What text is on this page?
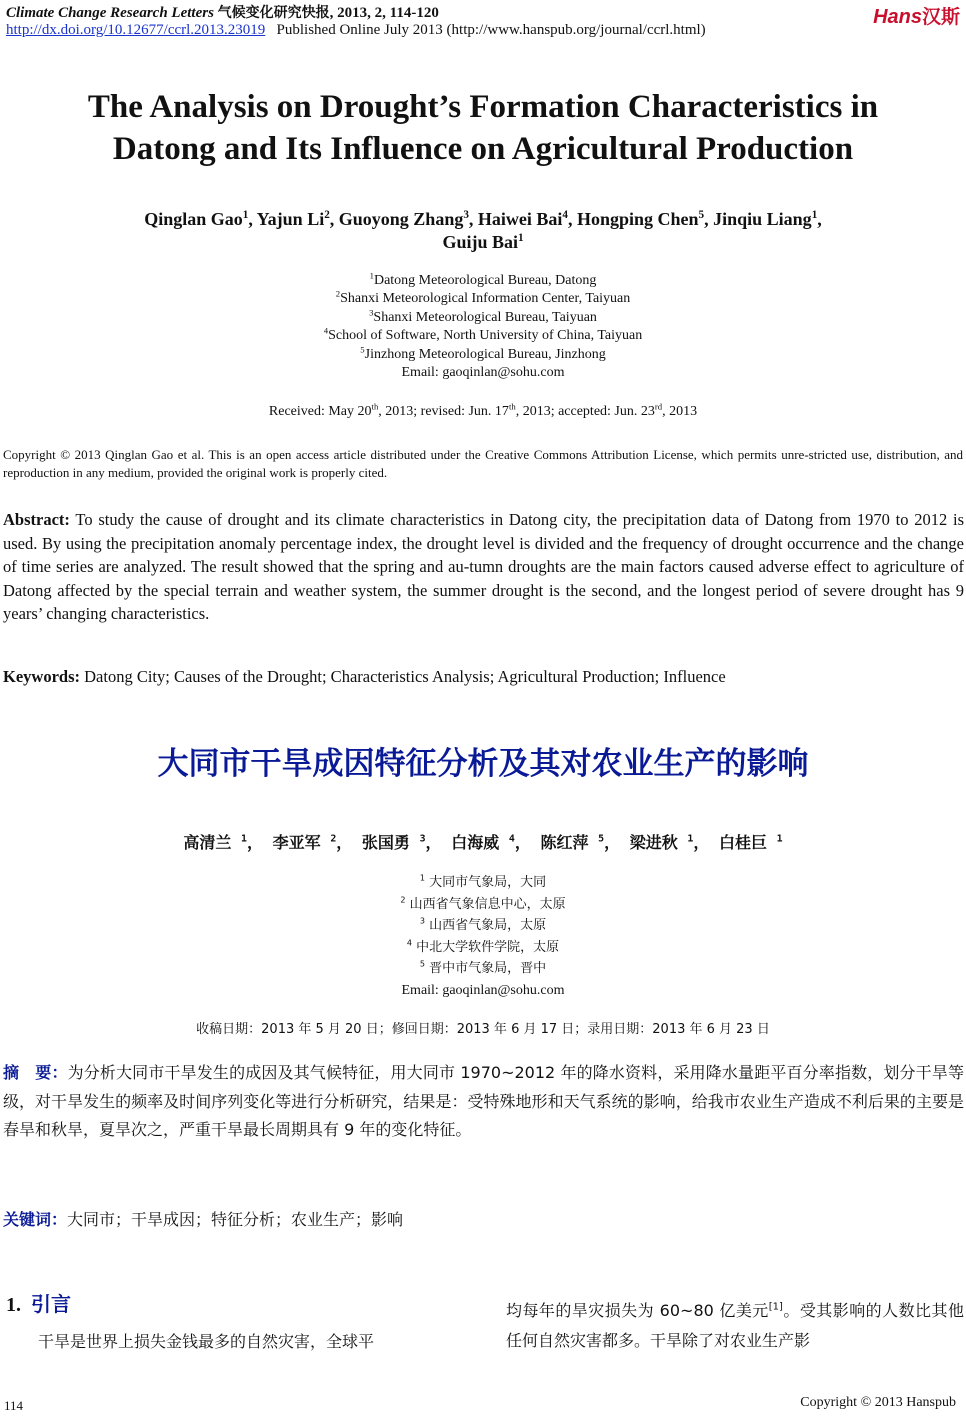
Climate Change Research Letters 气候变化研究快报, 2013, 2, 114-120
http://dx.doi.org/10.12677/ccrl.2013.23019 Published Online July 2013 (http://www.hanspub.org/journal/ccrl.html)
Hans汉斯
The Analysis on Drought’s Formation Characteristics in
Datong and Its Influence on Agricultural Production
Qinglan Gao$^1$, Yajun Li$^2$, Guoyong Zhang$^3$, Haiwei Bai$^4$, Hongping Chen$^5$, Jinqiu Liang$^1$,
Guiju Bai$^1$
$^1$Datong Meteorological Bureau, Datong
$^2$Shanxi Meteorological Information Center, Taiyuan
$^3$Shanxi Meteorological Bureau, Taiyuan
$^4$School of Software, North University of China, Taiyuan
$^5$Jinzhong Meteorological Bureau, Jinzhong
Email: gaoqinlan@sohu.com
Received: May 20th, 2013; revised: Jun. 17th, 2013; accepted: Jun. 23rd, 2013
Copyright © 2013 Qinglan Gao et al. This is an open access article distributed under the Creative Commons Attribution License, which permits unre-stricted use, distribution, and reproduction in any medium, provided the original work is properly cited.
Abstract: To study the cause of drought and its climate characteristics in Datong city, the precipitation data of Datong from 1970 to 2012 is used. By using the precipitation anomaly percentage index, the drought level is divided and the frequency of drought occurrence and the change of time series are analyzed. The result showed that the spring and au-tumn droughts are the main factors caused adverse effect to agriculture of Datong affected by the special terrain and weather system, the summer drought is the second, and the longest period of severe drought has 9 years’ changing characteristics.
Keywords: Datong City; Causes of the Drought; Characteristics Analysis; Agricultural Production; Influence
大同市干旱成因特征分析及其对农业生产的影响
高清兰 $^1$， 李亚军 $^2$， 张国勇 $^3$， 白海威 $^4$， 陈红萍 $^5$， 梁进秋 $^1$， 白桂巨 $^1$
$^1$ 大同市气象局，大同
$^2$ 山西省气象信息中心，太原
$^3$ 山西省气象局，太原
$^4$ 中北大学软件学院，太原
$^5$ 晋中市气象局，晋中
Email: gaoqinlan@sohu.com
收稿日期：2013 年 5 月 20 日；修回日期：2013 年 6 月 17 日；录用日期：2013 年 6 月 23 日
摘　要：为分析大同市干旱发生的成因及其气候特征，用大同市 1970~2012 年的降水资料，采用降水量距平百分率指数，划分干旱等级，对干旱发生的频率及时间序列变化等进行分析研究，结果是：受特殊地形和天气系统的影响，给我市农业生产造成不利后果的主要是春旱和秋旱，夏旱次之，严重干旱最长周期具有 9 年的变化特征。
关键词：大同市；干旱成因；特征分析；农业生产；影响
1. 引言
干旱是世界上损失金钱最多的自然灾害，全球平
均每年的旱灾损失为 60~80 亿美元[1]。受其影响的人数比其他任何自然灾害都多。干旱除了对农业生产影
114	Copyright © 2013 Hanspub
